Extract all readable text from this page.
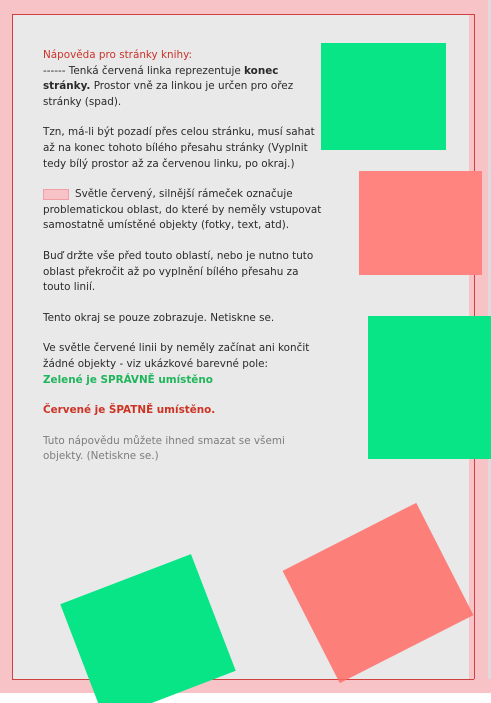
Nápověda pro stránky knihy:

------ Tenká červená linka reprezentuje konec stránky. Prostor vně za linkou je určen pro ořez stránky (spad).

Tzn, má-li být pozadí přes celou stránku, musí sahat až na konec tohoto bílého přesahu stránky (Vyplnit tedy bílý prostor až za červenou linku, po okraj.)

Světle červený, silnější rámeček označuje problematickou oblast, do které by neměly vstupovat samostatně umístěné objekty (fotky, text, atd).

Buď držte vše před touto oblastí, nebo je nutno tuto oblast překročit až po vyplnění bílého přesahu za touto linií.

Tento okraj se pouze zobrazuje. Netiskne se.

Ve světle červené linii by neměly začínat ani končit žádné objekty - viz ukázkové barevné pole:

Zelené je SPRÁVNĚ umístěno

Červené je ŠPATNĚ umístěno.

Tuto nápovědu můžete ihned smazat se všemi objekty. (Netiskne se.)
